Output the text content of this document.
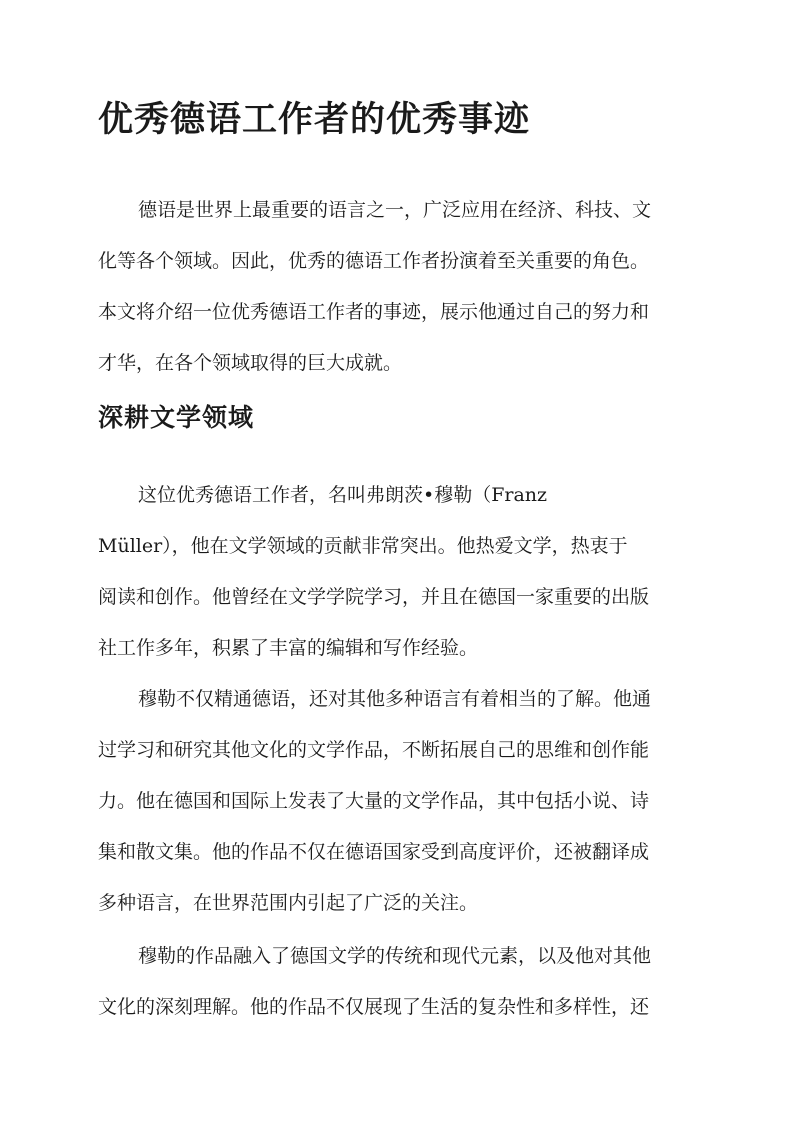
优秀德语工作者的优秀事迹

德语是世界上最重要的语言之一，广泛应用在经济、科技、文
化等各个领域。因此，优秀的德语工作者扮演着至关重要的角色。
本文将介绍一位优秀德语工作者的事迹，展示他通过自己的努力和
才华，在各个领域取得的巨大成就。

深耕文学领域

这位优秀德语工作者，名叫弗朗茨•穆勒（Franz
Müller），他在文学领域的贡献非常突出。他热爱文学，热衷于
阅读和创作。他曾经在文学学院学习，并且在德国一家重要的出版
社工作多年，积累了丰富的编辑和写作经验。

穆勒不仅精通德语，还对其他多种语言有着相当的了解。他通
过学习和研究其他文化的文学作品，不断拓展自己的思维和创作能
力。他在德国和国际上发表了大量的文学作品，其中包括小说、诗
集和散文集。他的作品不仅在德语国家受到高度评价，还被翻译成
多种语言，在世界范围内引起了广泛的关注。

穆勒的作品融入了德国文学的传统和现代元素，以及他对其他
文化的深刻理解。他的作品不仅展现了生活的复杂性和多样性，还
